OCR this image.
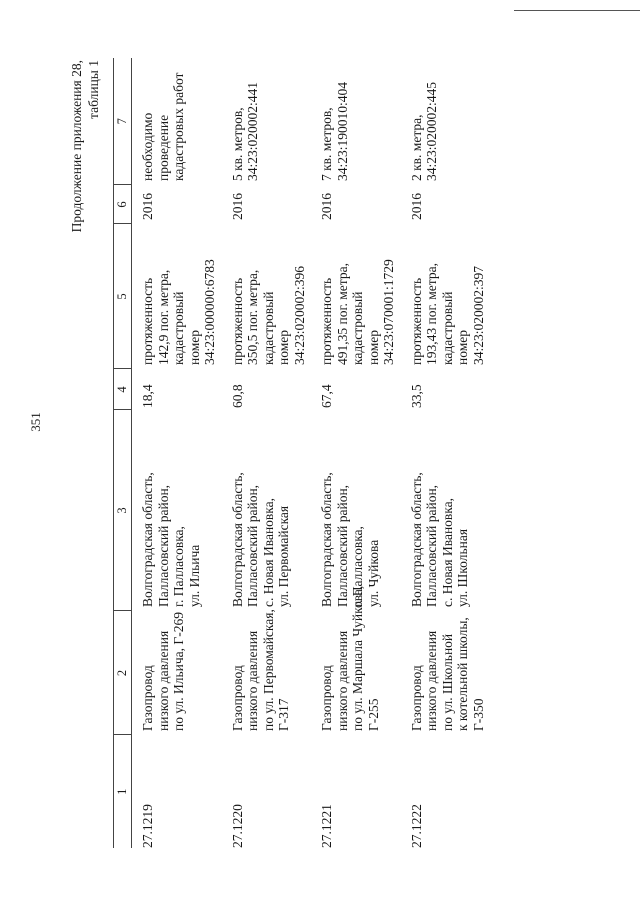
351
Продолжение приложения 28, таблицы 1
1	2	3	4	5	6	7
27.1219	Газопровод низкого давления по ул. Ильича, Г-269	Волгоградская область, Палласовский район, г. Палласовка, ул. Ильича	18,4	протяженность 142,9 пог. метра, кадастровый номер 34:23:000000:6783	2016	необходимо проведение кадастровых работ

27.1220	Газопровод низкого давления по ул. Первомайская, Г-317	Волгоградская область, Палласовский район, с. Новая Ивановка, ул. Первомайская	60,8	протяженность 350,5 пог. метра, кадастровый номер 34:23:020002:396	2016	5 кв. метров, 34:23:020002:441

27.1221	Газопровод низкого давления по ул. Маршала Чуйкова, Г-255	Волгоградская область, Палласовский район, г. Палласовка, ул. Чуйкова	67,4	протяженность 491,35 пог. метра, кадастровый номер 34:23:070001:1729	2016	7 кв. метров, 34:23:190010:404

27.1222	Газопровод низкого давления по ул. Школьной к котельной школы, Г-350	Волгоградская область, Палласовский район, с. Новая Ивановка, ул. Школьная	33,5	протяженность 193,43 пог. метра, кадастровый номер 34:23:020002:397	2016	2 кв. метра, 34:23:020002:445
